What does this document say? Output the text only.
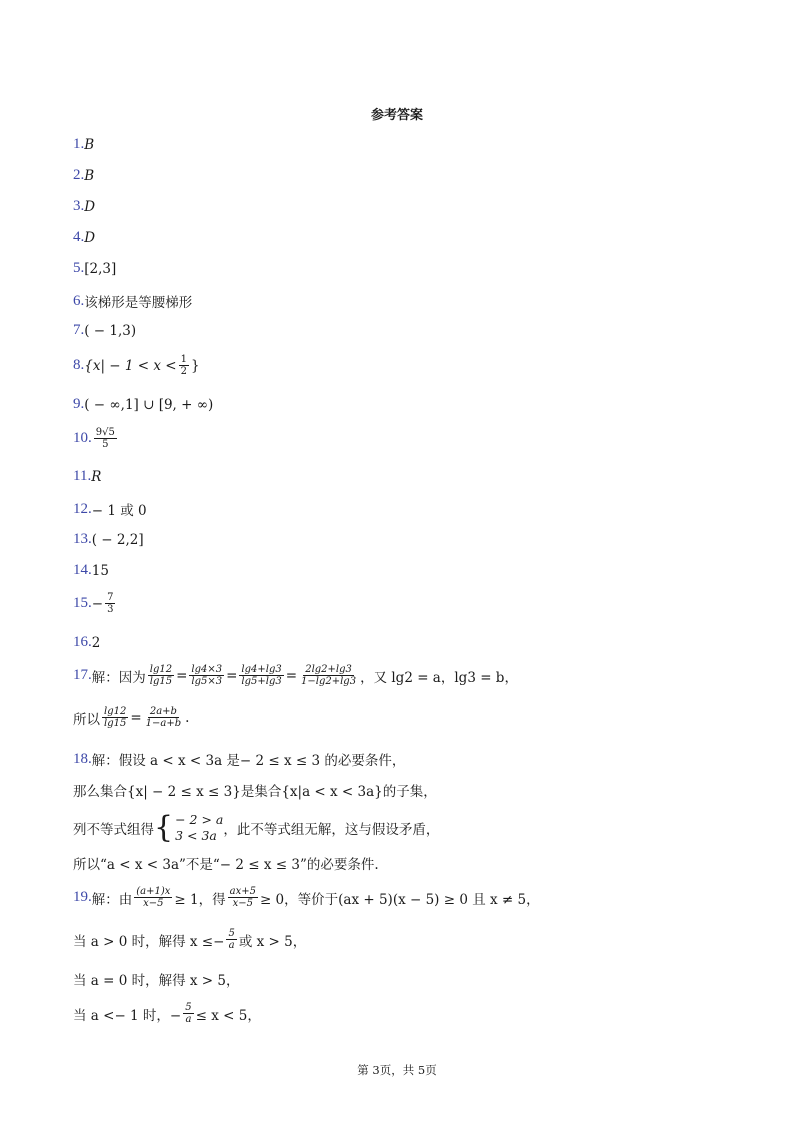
参考答案
1. B
2. B
3. D
4. D
5. [2,3]
6. 该梯形是等腰梯形
7. ( − 1,3)
8. {$x| - 1 < x < \frac{1}{2}$ }
9. ( − ∞,1] ∪ [9, + ∞)
10. $\frac{9√5}{5}$
11. R
12. − 1 或 0
13. ( − 2,2]
14. 15
15. − $\frac{7}{3}$
16. 2
17. 解：因为 $\frac{\lg 12}{\lg 15} = \frac{\lg 4\times 3}{\lg 5\times 3} = \frac{\lg 4+\lg 3}{\lg 5+\lg 3} = \frac{2\lg 2+\lg 3}{1-\lg 2+\lg 3}$ ，又 lg2 = a，lg3 = b，
所以 $\frac{\lg 12}{\lg 15} = \frac{2a+b}{1-a+b}$ .
18. 解：假设 a < x < 3a 是− 2 ≤ x ≤ 3 的必要条件，
那么集合{x| − 2 ≤ x ≤ 3}是集合{x|a < x < 3a}的子集，
列不等式组得 { − 2 > a
3 < 3a ，此不等式组无解，这与假设矛盾，
所以“a < x < 3a”不是“− 2 ≤ x ≤ 3”的必要条件.
19. 解：由 $\frac{(a+1)x}{x-5} \ge 1$，得 $\frac{ax+5}{x-5} \ge 0$，等价于(ax + 5)(x − 5) ≥ 0 且 x ≠ 5，
当 a > 0 时，解得 $x \le- \frac{5}{a}$ 或 x > 5，
当 a = 0 时，解得 x > 5，
当 a <− 1 时，− $\frac{5}{a} \le x < 5$，
第 3页，共 5页
